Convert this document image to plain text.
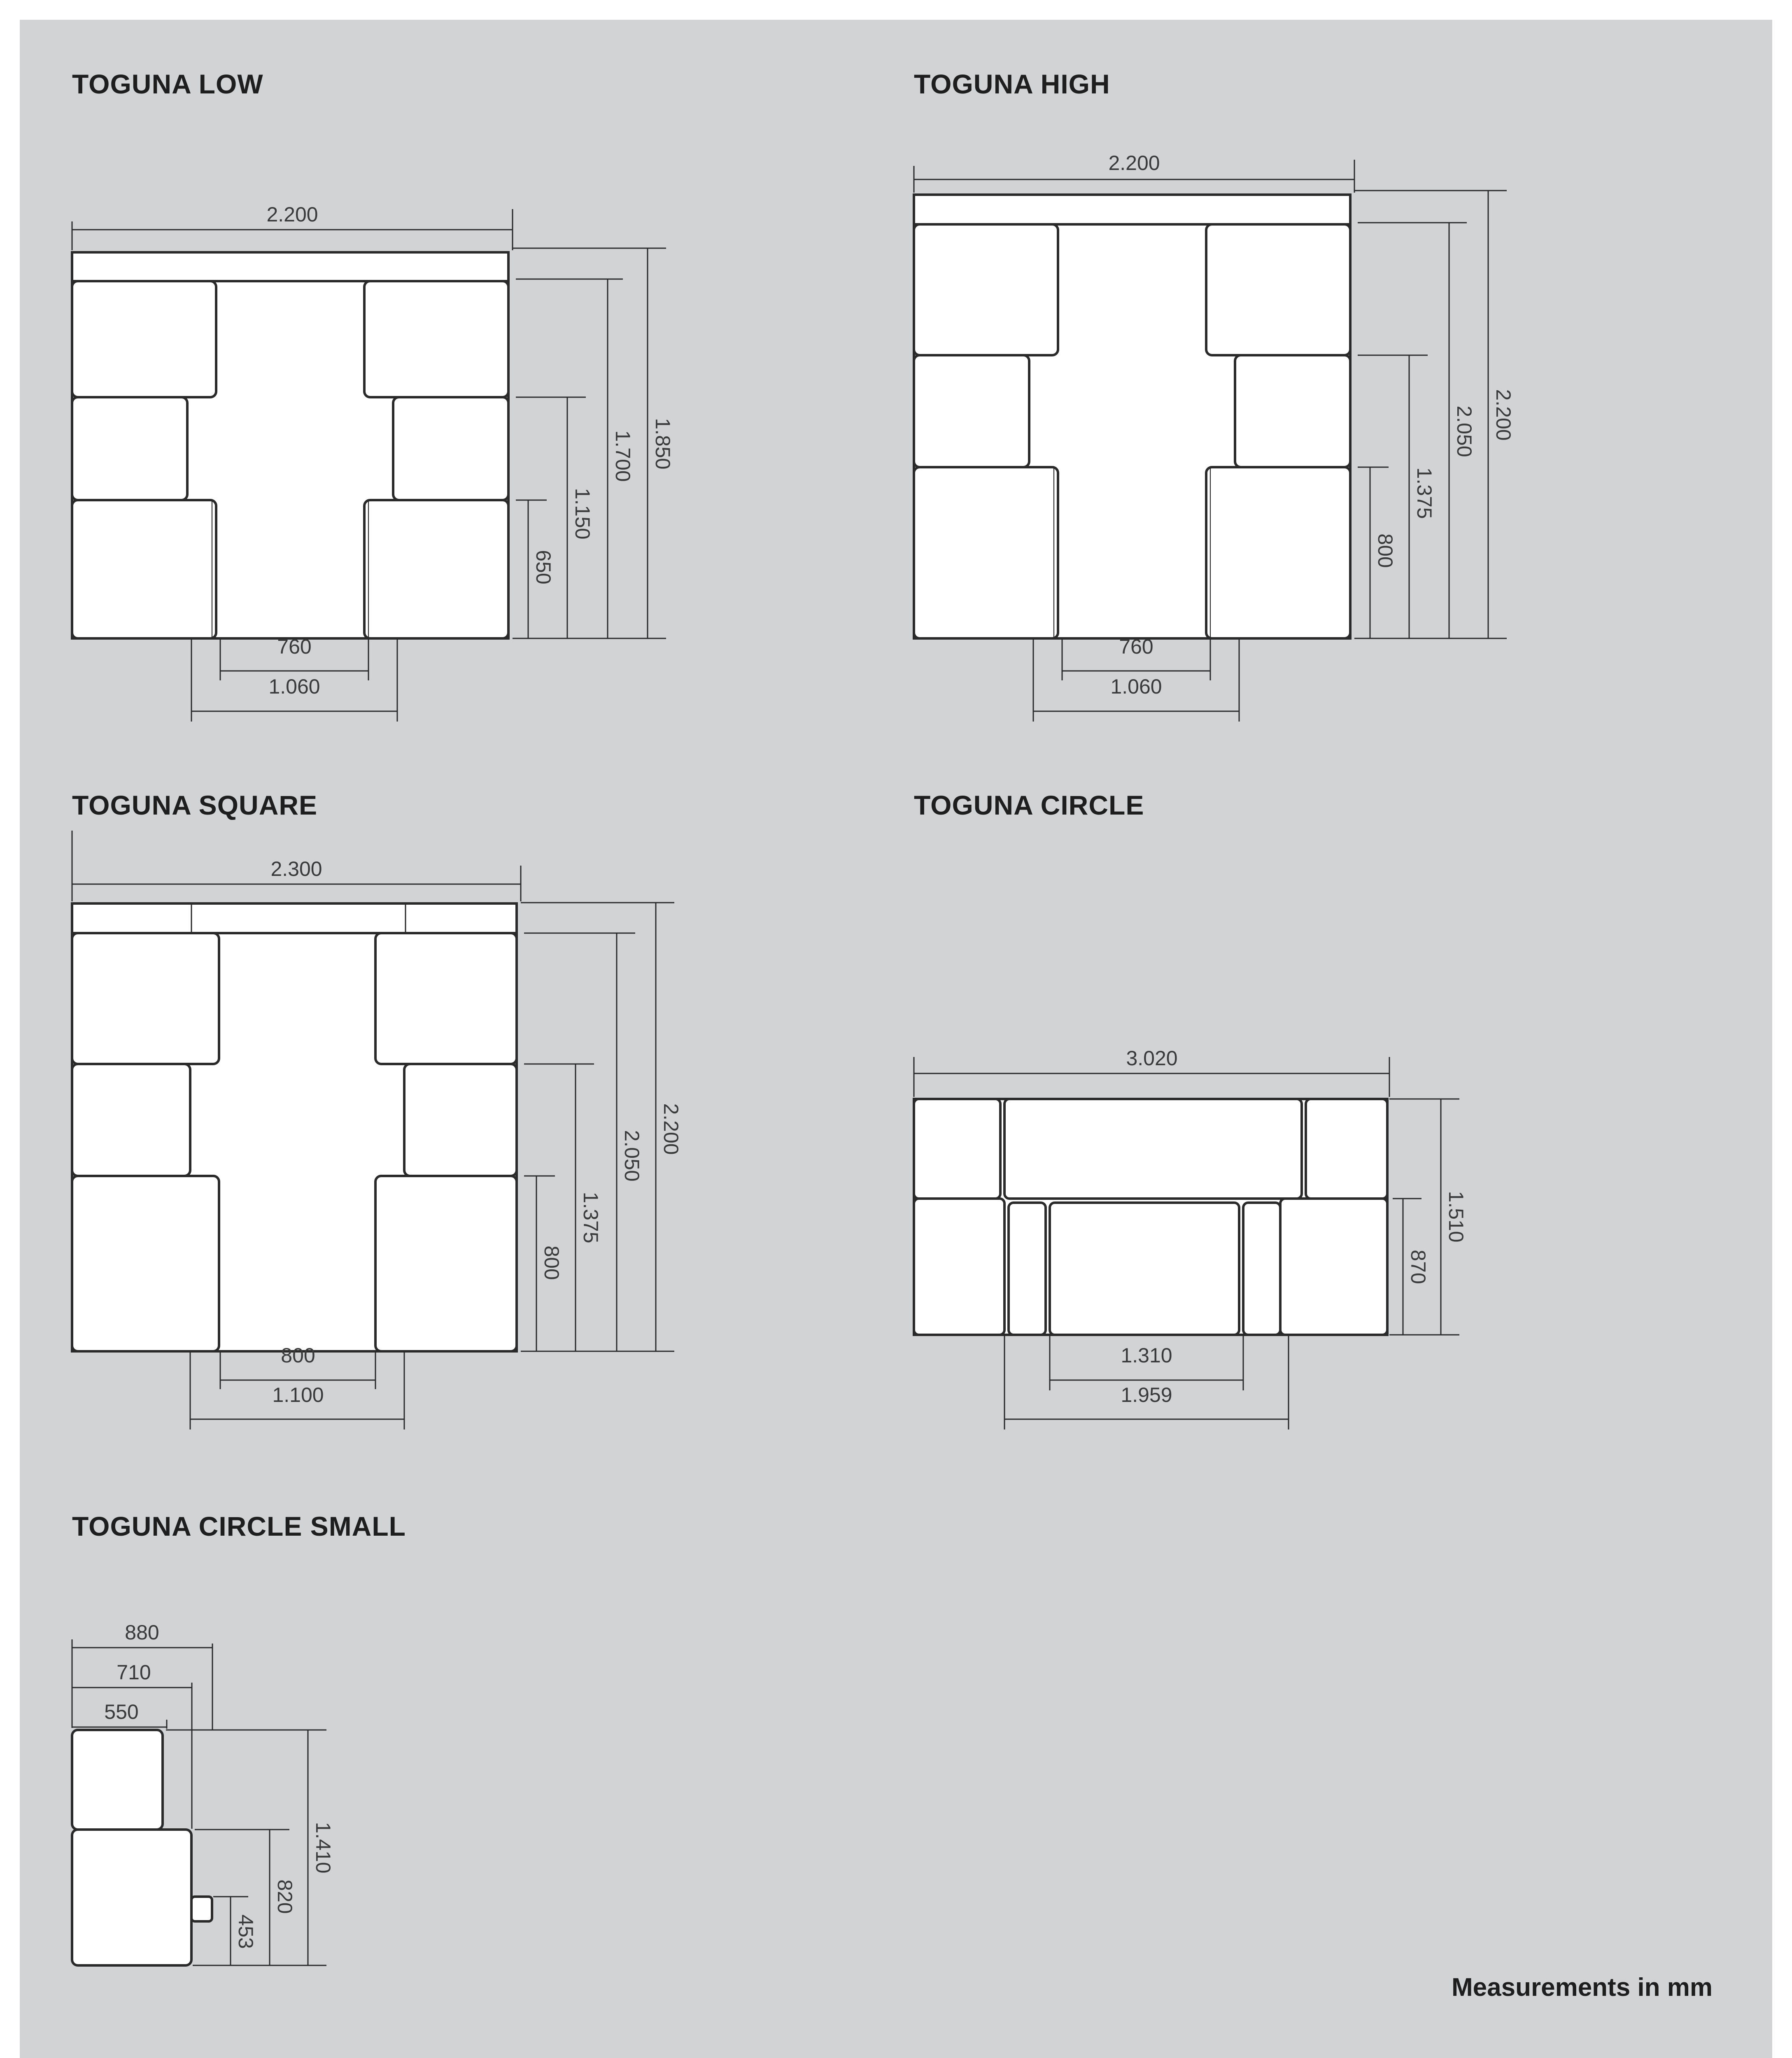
TOGUNA LOW	TOGUNA HIGH
TOGUNA SQUARE	TOGUNA CIRCLE
TOGUNA CIRCLE SMALL
2.200
760
1.060
1.850
1.700
1.150
650
2.200
760
1.060
2.200
2.050
1.375
800
2.300
800
1.100
2.200
2.050
1.375
800
3.020
1.310
1.959
1.510
870
880
710
550
1.410
820
453
Measurements in mm
